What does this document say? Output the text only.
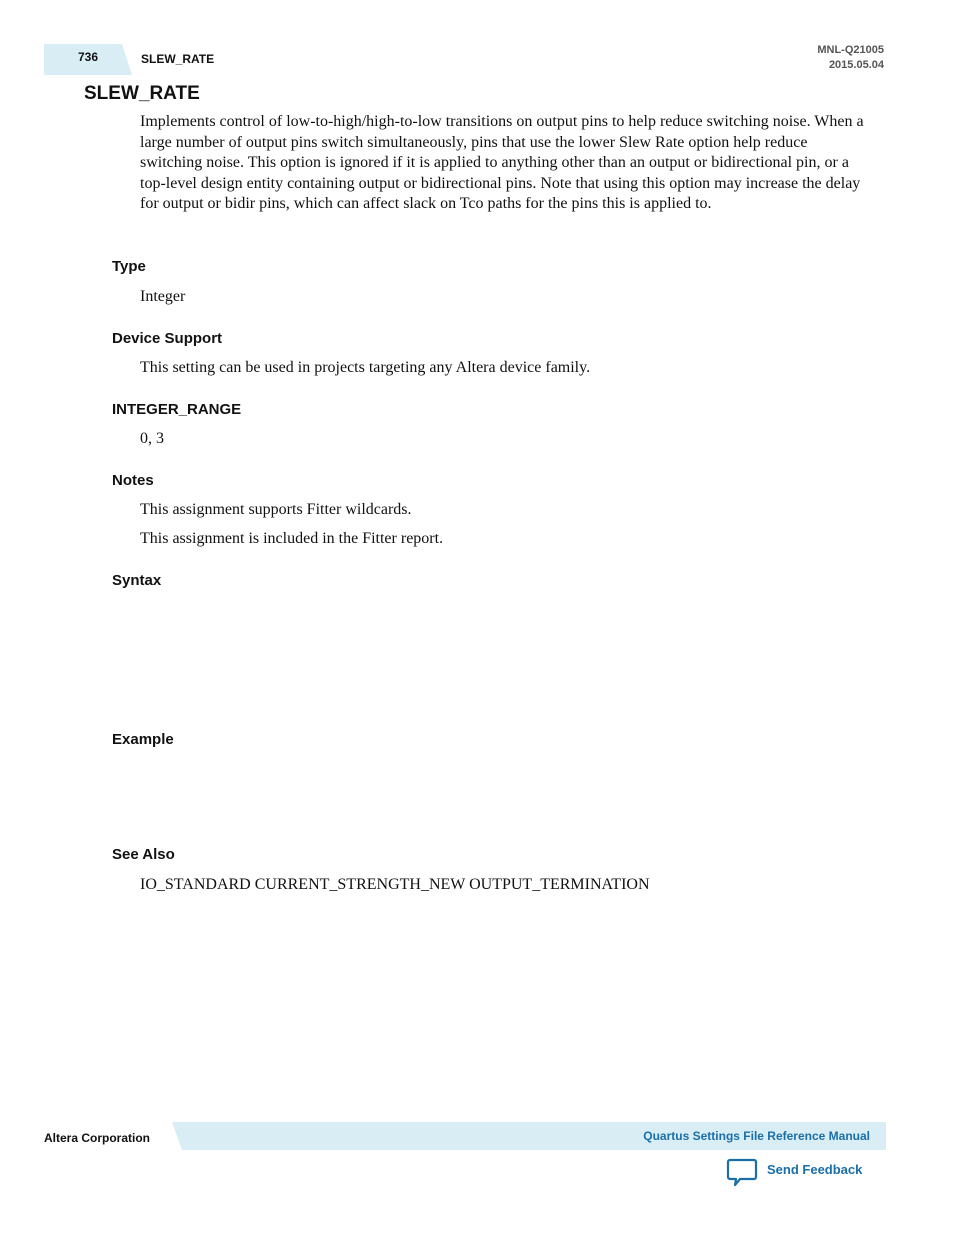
736	SLEW_RATE
MNL-Q21005
2015.05.04
SLEW_RATE

Implements control of low-to-high/high-to-low transitions on output pins to help reduce switching noise. When a large number of output pins switch simultaneously, pins that use the lower Slew Rate option help reduce switching noise. This option is ignored if it is applied to anything other than an output or bidirectional pin, or a top-level design entity containing output or bidirectional pins. Note that using this option may increase the delay for output or bidir pins, which can affect slack on Tco paths for the pins this is applied to.

Type

Integer

Device Support

This setting can be used in projects targeting any Altera device family.

INTEGER_RANGE

0, 3

Notes

This assignment supports Fitter wildcards.

This assignment is included in the Fitter report.

Syntax
Example
See Also

IO_STANDARD CURRENT_STRENGTH_NEW OUTPUT_TERMINATION

Altera Corporation	Quartus Settings File Reference Manual
Send Feedback
